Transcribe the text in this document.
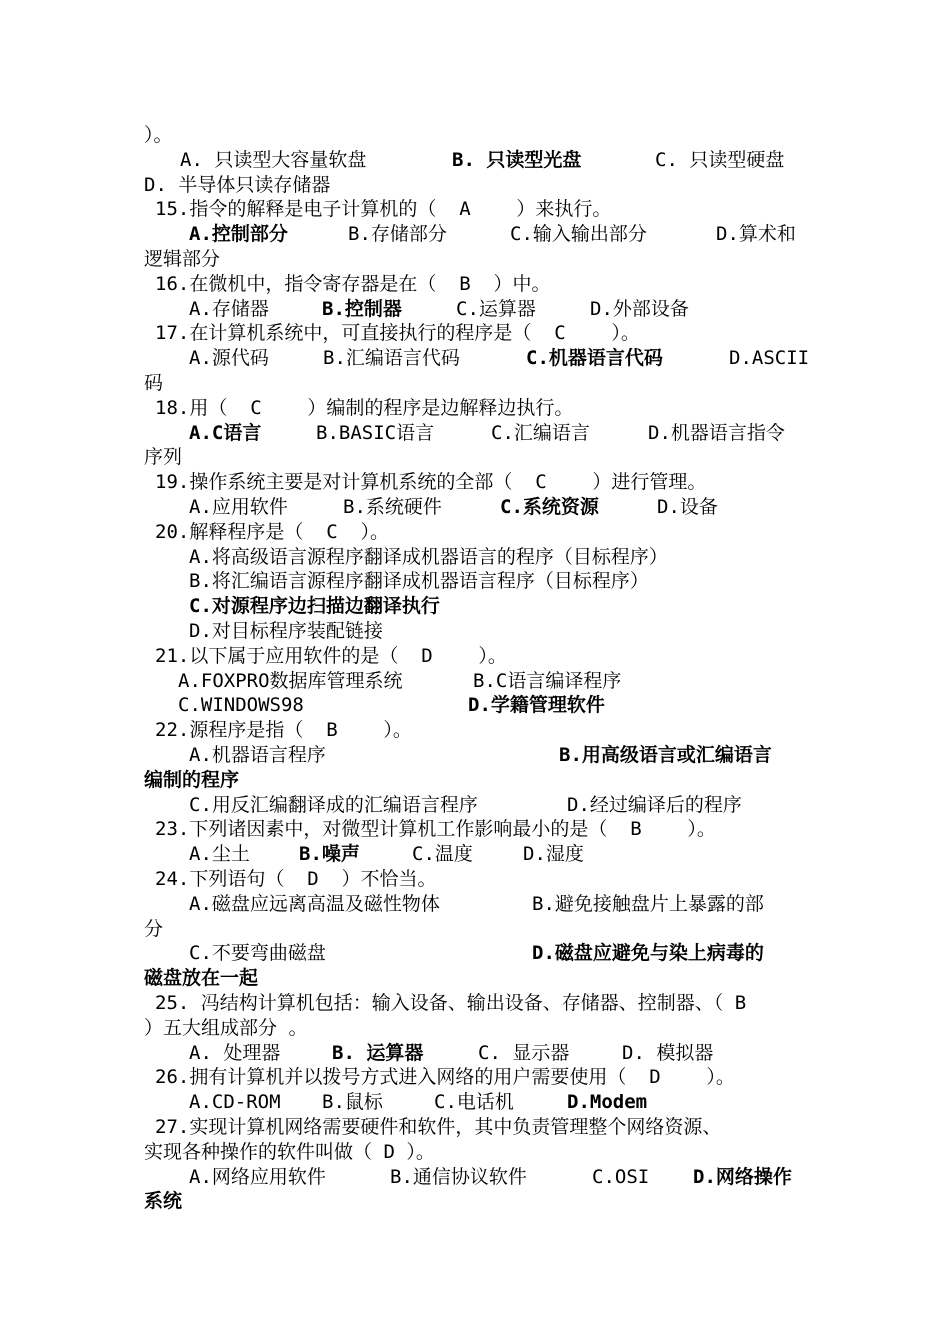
）。
A. 只读型大容量软盘	B. 只读型光盘	C. 只读型硬盘
D. 半导体只读存储器
15.指令的解释是电子计算机的（  A    ）来执行。
A.控制部分	B.存储部分	C.输入输出部分	D.算术和
逻辑部分
16.在微机中，指令寄存器是在（  B  ）中。
A.存储器	B.控制器	C.运算器	D.外部设备
17.在计算机系统中，可直接执行的程序是（  C    ）。
A.源代码	B.汇编语言代码	C.机器语言代码	D.ASCII
码
18.用（  C    ）编制的程序是边解释边执行。
A.C语言	B.BASIC语言	C.汇编语言	D.机器语言指令
序列
19.操作系统主要是对计算机系统的全部（  C    ）进行管理。
A.应用软件	B.系统硬件	C.系统资源	D.设备
20.解释程序是（  C  ）。
A.将高级语言源程序翻译成机器语言的程序（目标程序）
B.将汇编语言源程序翻译成机器语言程序（目标程序）
C.对源程序边扫描边翻译执行
D.对目标程序装配链接
21.以下属于应用软件的是（  D    ）。
A.FOXPRO数据库管理系统	B.C语言编译程序
C.WINDOWS98	D.学籍管理软件
22.源程序是指（  B    ）。
A.机器语言程序	B.用高级语言或汇编语言
编制的程序
C.用反汇编翻译成的汇编语言程序	D.经过编译后的程序
23.下列诸因素中，对微型计算机工作影响最小的是（  B    ）。
A.尘土	B.噪声	C.温度	D.湿度
24.下列语句（  D  ）不恰当。
A.磁盘应远离高温及磁性物体	B.避免接触盘片上暴露的部
分
C.不要弯曲磁盘	D.磁盘应避免与染上病毒的
磁盘放在一起
25. 冯结构计算机包括：输入设备、输出设备、存储器、控制器、（ B
）五大组成部分 。
A. 处理器	B. 运算器	C. 显示器	D. 模拟器
26.拥有计算机并以拨号方式进入网络的用户需要使用（  D    ）。
A.CD-ROM B.鼠标	C.电话机	D.Modem
27.实现计算机网络需要硬件和软件，其中负责管理整个网络资源、
实现各种操作的软件叫做（ D ）。
A.网络应用软件	B.通信协议软件	C.OSI D.网络操作
系统
